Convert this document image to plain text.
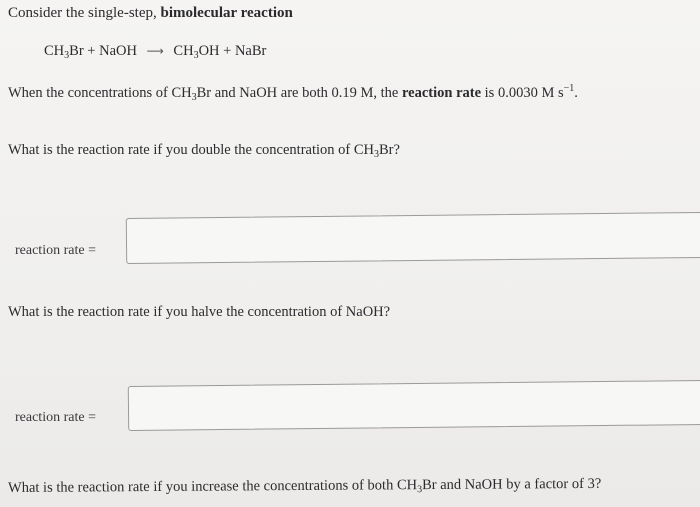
Consider the single-step, bimolecular reaction
$CH_3Br$ + NaOH ⟶ $CH_3OH$ + NaBr
When the concentrations of $CH_3Br$ and NaOH are both 0.19 M, the reaction rate is 0.0030 M $s^{-1}$.
What is the reaction rate if you double the concentration of $CH_3Br$?
reaction rate =
What is the reaction rate if you halve the concentration of NaOH?
reaction rate =
What is the reaction rate if you increase the concentrations of both $CH_3Br$ and NaOH by a factor of 3?
